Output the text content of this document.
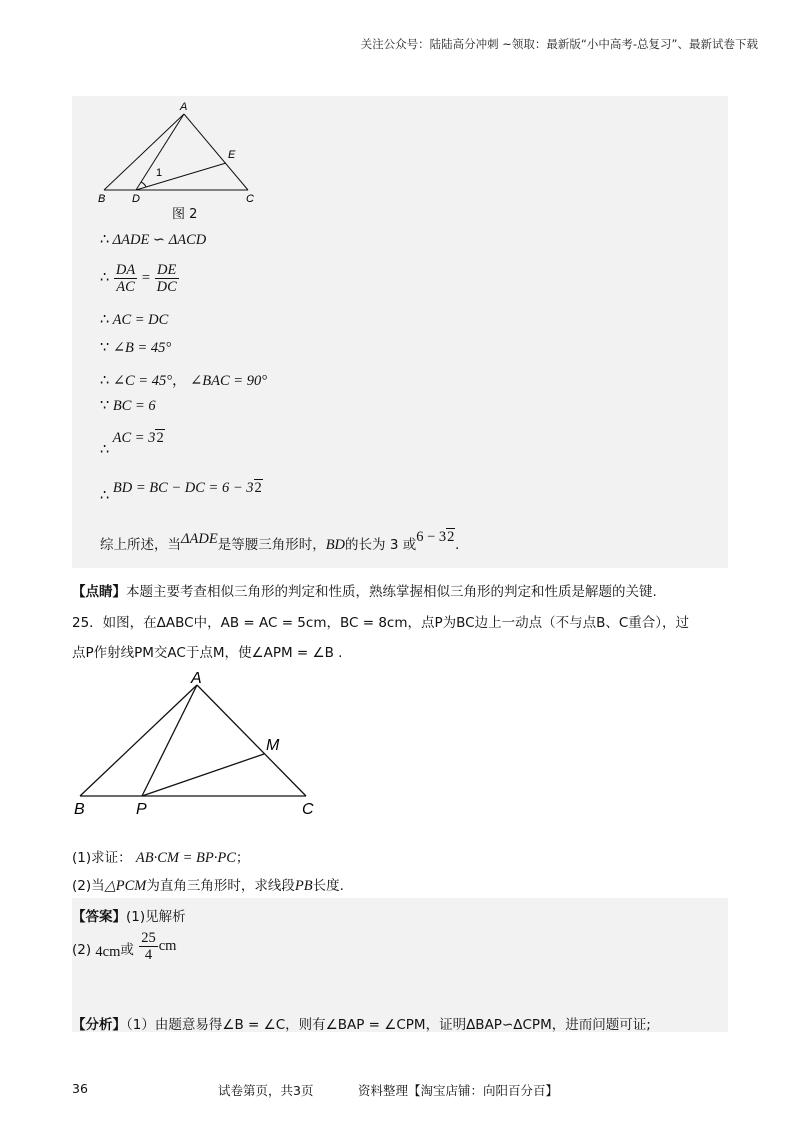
关注公众号：陆陆高分冲刺 ~领取：最新版“小中高考-总复习”、最新试卷下载
A
B	C
D
E
1
图 2
∴ ΔADE ∽ ΔACD
∴ $\frac{DA}{AC} = \frac{DE}{DC}$
∴ AC = DC
∵ ∠B = 45°
∴ ∠C = 45°， ∠BAC = 90°
∵ BC = 6
∴ AC = 32
∴ BD = BC − DC = 6 − 32
综上所述，当ΔADE是等腰三角形时，BD的长为 3 或6 − 32.
【点睛】本题主要考查相似三角形的判定和性质，熟练掌握相似三角形的判定和性质是解题的关键.
25．如图，在ΔABC中，AB = AC = 5cm，BC = 8cm，点P为BC边上一动点（不与点B、C重合），过
点P作射线PM交AC于点M，使∠APM = ∠B .
A
B	C
M
P
(1)求证： AB·CM = BP·PC；
(2)当△PCM为直角三角形时，求线段PB长度.
【答案】(1)见解析
(2) 4cm或 $\frac{25}{4}$ cm
【分析】（1）由题意易得∠B = ∠C，则有∠BAP = ∠CPM，证明ΔBAP∽ΔCPM，进而问题可证;
36	试卷第页，共3页	资料整理【淘宝店铺：向阳百分百】
